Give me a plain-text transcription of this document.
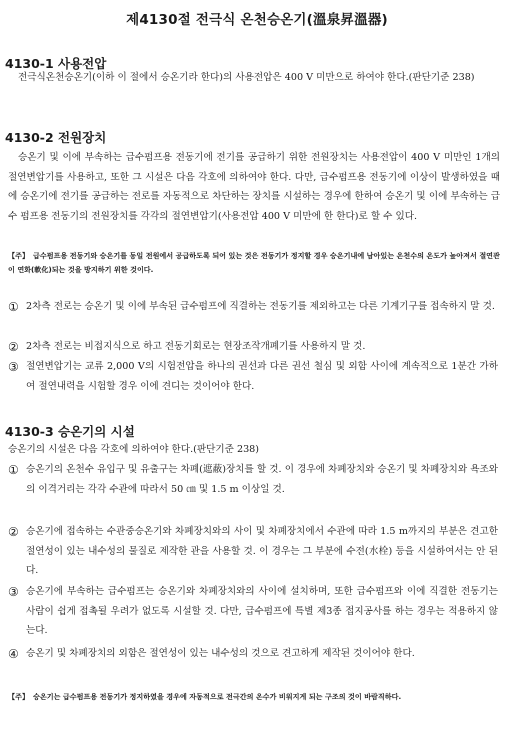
제4130절 전극식 온천승온기(溫泉昇溫器)
4130-1 사용전압
전극식온천승온기(이하 이 절에서 승온기라 한다)의 사용전압은 400 V 미만으로 하여야 한다.(판단기준 238)
4130-2 전원장치
승온기 및 이에 부속하는 급수펌프용 전동기에 전기를 공급하기 위한 전원장치는 사용전압이 400 V 미만인 1개의 절연변압기를 사용하고, 또한 그 시설은 다음 각호에 의하여야 한다. 다만, 급수펌프용 전동기에 이상이 발생하였을 때에 승온기에 전기를 공급하는 전로를 자동적으로 차단하는 장치를 시설하는 경우에 한하여 승온기 및 이에 부속하는 급수 펌프용 전동기의 전원장치를 각각의 절연변압기(사용전압 400 V 미만에 한 한다)로 할 수 있다.
【주】 급수펌프용 전동기와 승온기를 동일 전원에서 공급하도록 되어 있는 것은 전동기가 정지할 경우 승온기내에 남아있는 온천수의 온도가 높아져서 절연관이 연화(軟化)되는 것을 방지하기 위한 것이다.
① 2차측 전로는 승온기 및 이에 부속된 급수펌프에 직결하는 전동기를 제외하고는 다른 기계기구를 접속하지 말 것.
② 2차측 전로는 비접지식으로 하고 전동기회로는 현장조작개폐기를 사용하지 말 것.
③ 절연변압기는 교류 2,000 V의 시험전압을 하나의 권선과 다른 권선 철심 및 외함 사이에 계속적으로 1분간 가하여 절연내력을 시험할 경우 이에 견디는 것이어야 한다.
4130-3 승온기의 시설
승온기의 시설은 다음 각호에 의하여야 한다.(판단기준 238)
① 승온기의 온천수 유입구 및 유출구는 차폐(遮蔽)장치를 할 것. 이 경우에 차폐장치와 승온기 및 차폐장치와 욕조와의 이격거리는 각각 수관에 따라서 50 ㎝ 및 1.5 m 이상일 것.
② 승온기에 접속하는 수관중승온기와 차폐장치와의 사이 및 차폐장치에서 수관에 따라 1.5 m까지의 부분은 견고한 절연성이 있는 내수성의 물질로 제작한 관을 사용할 것. 이 경우는 그 부분에 수전(水栓) 등을 시설하여서는 안 된다.
③ 승온기에 부속하는 급수펌프는 승온기와 차폐장치와의 사이에 설치하며, 또한 급수펌프와 이에 직결한 전동기는 사람이 쉽게 접촉될 우려가 없도록 시설할 것. 다만, 급수펌프에 특별 제3종 접지공사를 하는 경우는 적용하지 않는다.
④ 승온기 및 차폐장치의 외함은 절연성이 있는 내수성의 것으로 견고하게 제작된 것이어야 한다.
【주】 승온기는 급수펌프용 전동기가 정지하였을 경우에 자동적으로 전극간의 온수가 비워지게 되는 구조의 것이 바람직하다.
